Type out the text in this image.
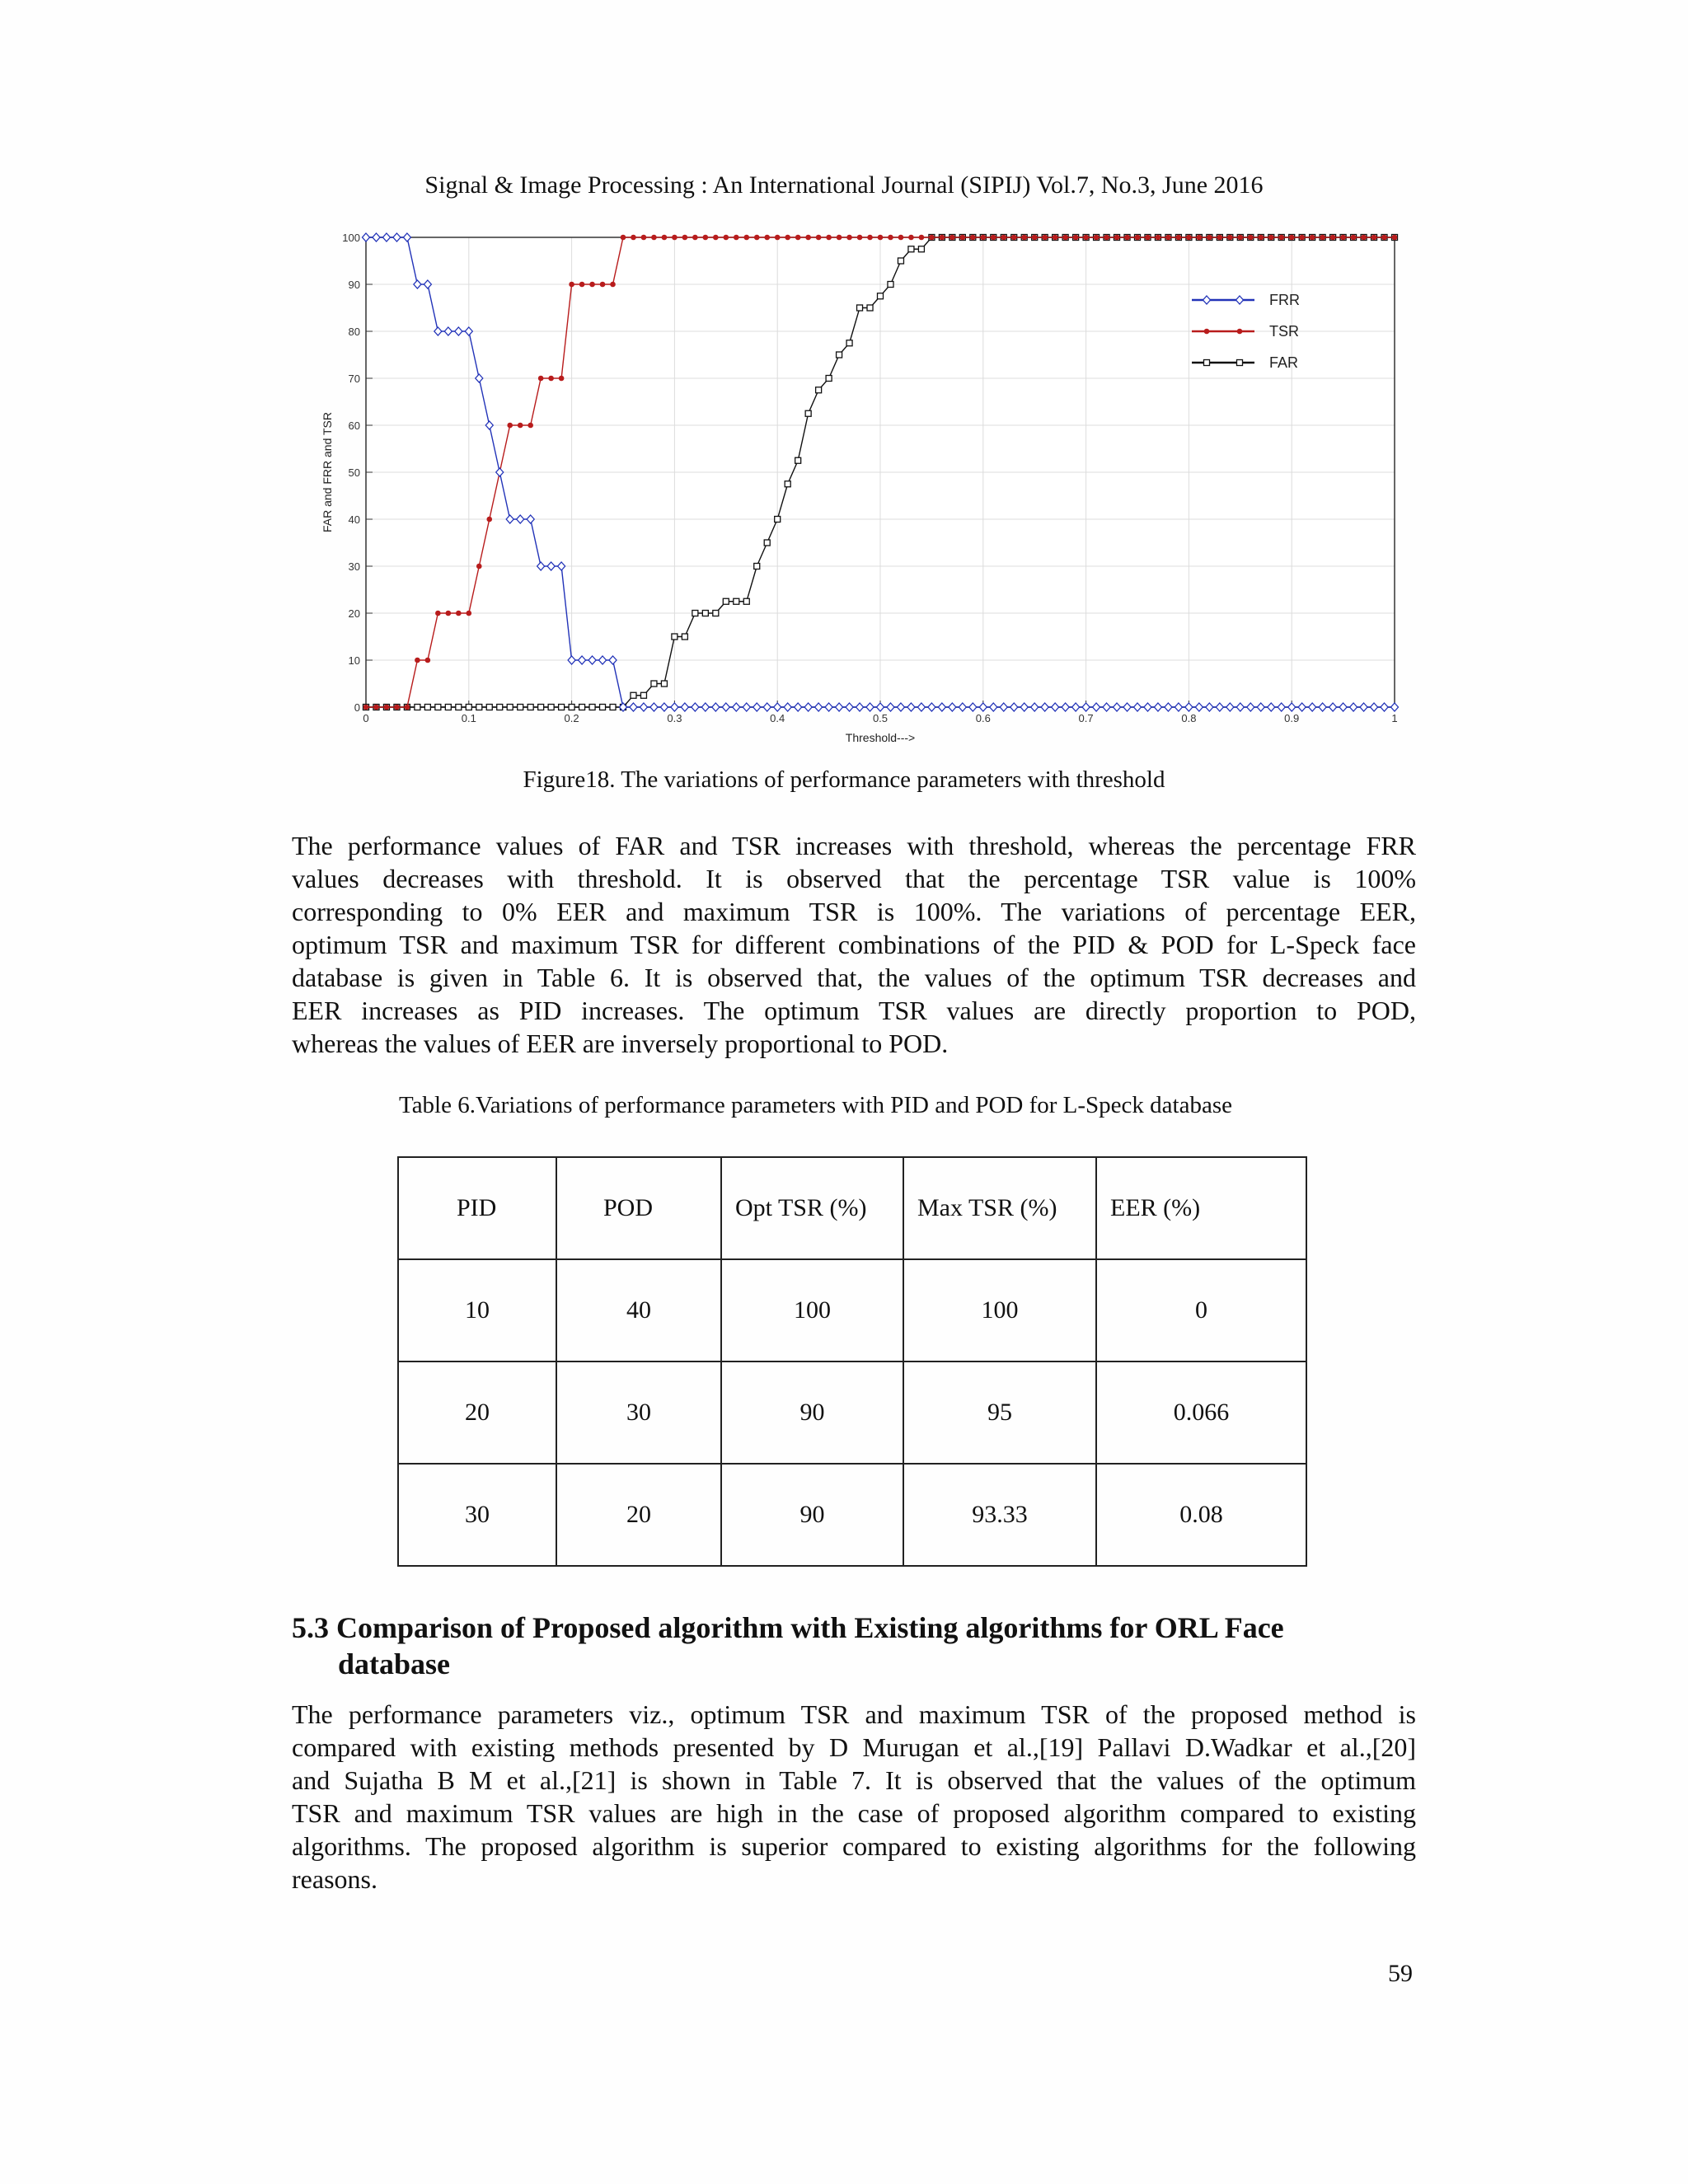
Signal & Image Processing : An International Journal (SIPIJ) Vol.7, No.3, June 2016
0	0.1	0.2	0.3	0.4	0.5	0.6	0.7	0.8	0.9	1
0
10
20
30
40
50
60
70
80
90
100
Threshold--->
FAR and FRR and TSR
FRR
TSR
FAR
Figure18. The variations of performance parameters with threshold
The performance values of FAR and TSR increases with threshold, whereas the percentage FRR
values decreases with threshold. It is observed that the percentage TSR value is 100%
corresponding to 0% EER and maximum TSR is 100%. The variations of percentage EER,
optimum TSR and maximum TSR for different combinations of the PID & POD for L-Speck face
database is given in Table 6. It is observed that, the values of the optimum TSR decreases and
EER increases as PID increases. The optimum TSR values are directly proportion to POD,
whereas the values of EER are inversely proportional to POD.
Table 6.Variations of performance parameters with PID and POD for L-Speck database
PID	POD	Opt TSR (%)	Max TSR (%)	EER (%)
10	40	100	100	0
20	30	90	95	0.066
30	20	90	93.33	0.08
5.3 Comparison of Proposed algorithm with Existing algorithms for ORL Face
database
The performance parameters viz., optimum TSR and maximum TSR of the proposed method is
compared with existing methods presented by D Murugan et al.,[19] Pallavi D.Wadkar et al.,[20]
and Sujatha B M et al.,[21] is shown in Table 7. It is observed that the values of the optimum
TSR and maximum TSR values are high in the case of proposed algorithm compared to existing
algorithms. The proposed algorithm is superior compared to existing algorithms for the following
reasons.
59
